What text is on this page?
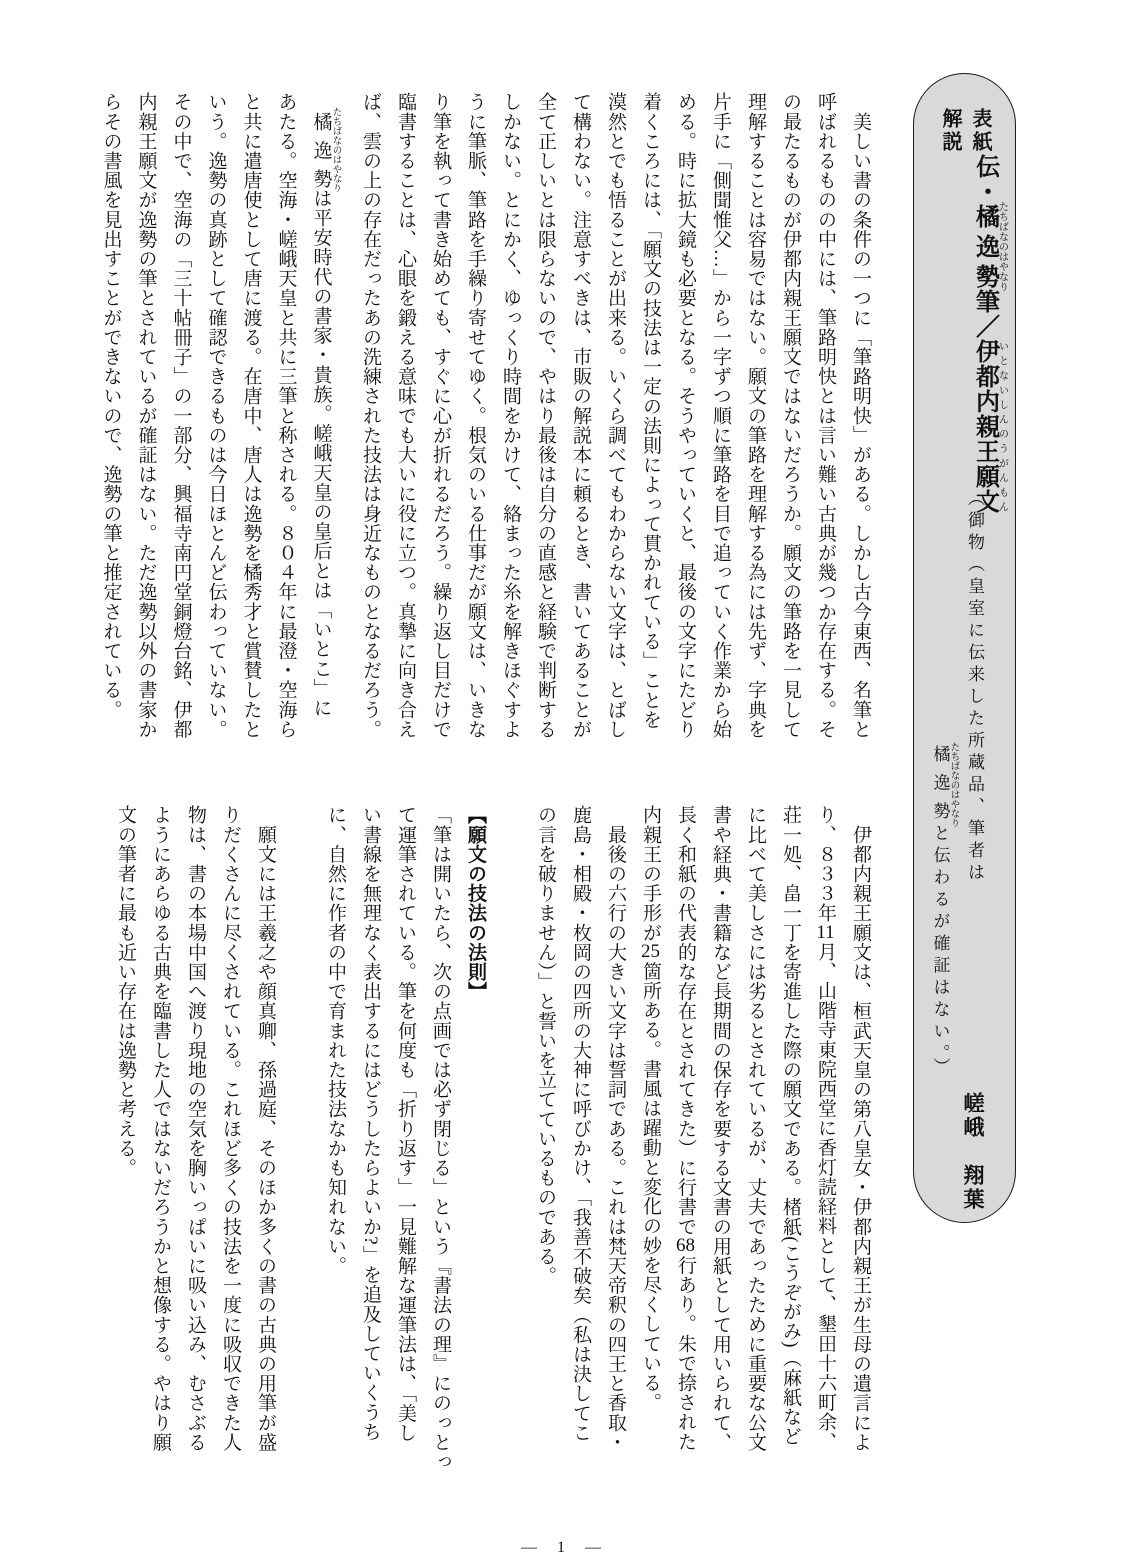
表紙解説
伝・橘逸勢たちばなのはやなり筆／伊都内親王願文いとないしんのうがんもん
（御物（皇室に伝来した所蔵品、筆者は
橘逸勢 たちばなのはやなりと伝わるが確証はない。）
嵯峨　翔葉
　美しい書の条件の一つに「筆路明快」がある。しかし古今東西、名筆と
呼ばれるものの中には、筆路明快とは言い難い古典が幾つか存在する。そ
の最たるものが伊都内親王願文ではないだろうか。願文の筆路を一見して
理解することは容易ではない。願文の筆路を理解する為には先ず、字典を
片手に「側聞惟父…」から一字ずつ順に筆路を目で追っていく作業から始
める。時に拡大鏡も必要となる。そうやっていくと、最後の文字にたどり
着くころには、「願文の技法は一定の法則によって貫かれている」ことを
漠然とでも悟ることが出来る。いくら調べてもわからない文字は、とばし
て構わない。注意すべきは、市販の解説本に頼るとき、書いてあることが
全て正しいとは限らないので、やはり最後は自分の直感と経験で判断する
しかない。とにかく、ゆっくり時間をかけて、絡まった糸を解きほぐすよ
うに筆脈、筆路を手繰り寄せてゆく。根気のいる仕事だが願文は、いきな
り筆を執って書き始めても、すぐに心が折れるだろう。繰り返し目だけで
臨書することは、心眼を鍛える意味でも大いに役に立つ。真摯に向き合え
ば、雲の上の存在だったあの洗練された技法は身近なものとなるだろう。
　橘逸勢 たちばなのはやなりは平安時代の書家・貴族。嵯峨天皇の皇后とは「いとこ」に
あたる。空海・嵯峨天皇と共に三筆と称される。８０４年に最澄・空海ら
と共に遣唐使として唐に渡る。在唐中、唐人は逸勢を橘秀才と賞賛したと
いう。逸勢の真跡として確認できるものは今日ほとんど伝わっていない。
その中で、空海の「三十帖冊子」の一部分、興福寺南円堂銅燈台銘、伊都
内親王願文が逸勢の筆とされているが確証はない。ただ逸勢以外の書家か
らその書風を見出すことができないので、逸勢の筆と推定されている。
　伊都内親王願文は、桓武天皇の第八皇女・伊都内親王が生母の遺言によ
り、８３３年11月、山階寺東院西堂に香灯読経料として、墾田十六町余、
荘一処、畠一丁を寄進した際の願文である。楮紙(こうぞがみ)（麻紙など
に比べて美しさには劣るとされているが、丈夫であったために重要な公文
書や経典・書籍など長期間の保存を要する文書の用紙として用いられて、
長く和紙の代表的な存在とされてきた）に行書で68行あり。朱で捺された
内親王の手形が25箇所ある。書風は躍動と変化の妙を尽くしている。
　最後の六行の大きい文字は誓詞である。これは梵天帝釈の四王と香取・
鹿島・相殿・枚岡の四所の大神に呼びかけ、「我善不破矣（私は決してこ
の言を破りません）」と誓いを立てているものである。

【願文の技法の法則】
「筆は開いたら、次の点画では必ず閉じる」という『書法の理』にのっとっ
て運筆されている。筆を何度も「折り返す」一見難解な運筆法は、「美し
い書線を無理なく表出するにはどうしたらよいか?」を追及していくうち
に、自然に作者の中で育まれた技法なかも知れない。

　願文には王羲之や顔真卿、孫過庭、そのほか多くの書の古典の用筆が盛
りだくさんに尽くされている。これほど多くの技法を一度に吸収できた人
物は、書の本場中国へ渡り現地の空気を胸いっぱいに吸い込み、むさぶる
ようにあらゆる古典を臨書した人ではないだろうかと想像する。やはり願
文の筆者に最も近い存在は逸勢と考える。
―　1　―
